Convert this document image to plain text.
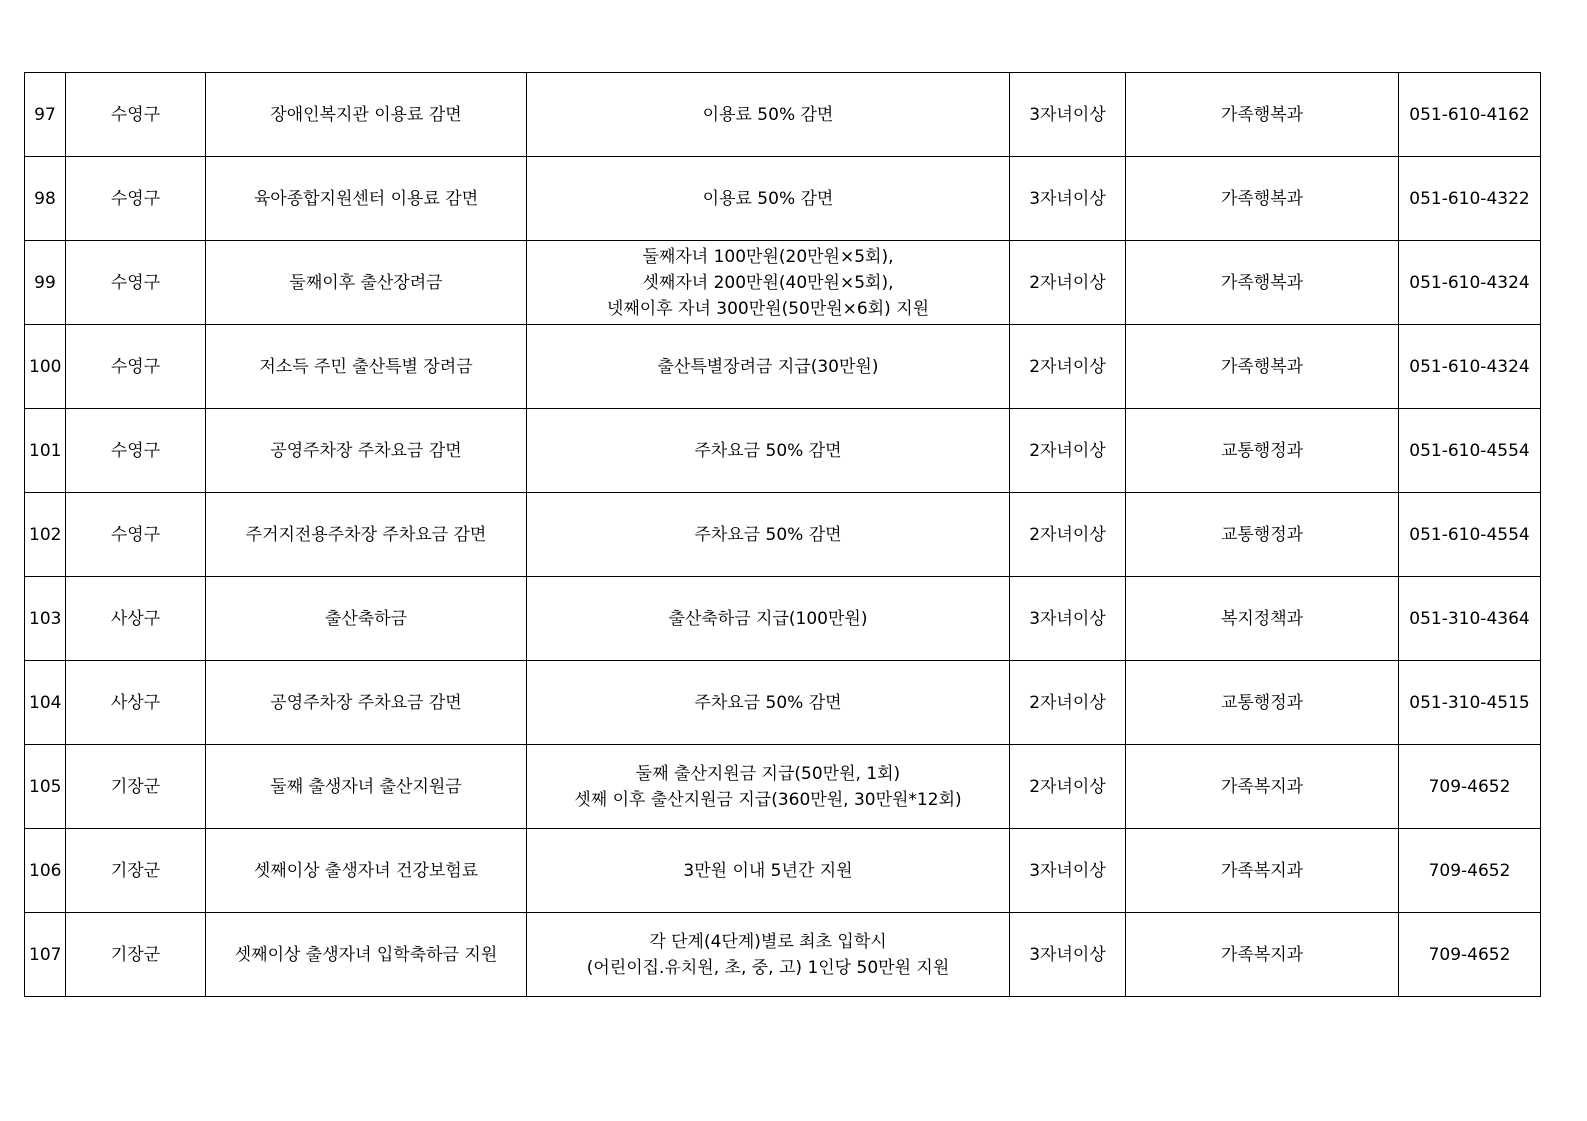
97	수영구	장애인복지관 이용료 감면	이용료 50% 감면	3자녀이상	가족행복과	051-610-4162
98	수영구	육아종합지원센터 이용료 감면	이용료 50% 감면	3자녀이상	가족행복과	051-610-4322
99	수영구	둘째이후 출산장려금	둘째자녀 100만원(20만원×5회),
셋째자녀 200만원(40만원×5회),
넷째이후 자녀 300만원(50만원×6회) 지원	2자녀이상	가족행복과	051-610-4324
100	수영구	저소득 주민 출산특별 장려금	출산특별장려금 지급(30만원)	2자녀이상	가족행복과	051-610-4324
101	수영구	공영주차장 주차요금 감면	주차요금 50% 감면	2자녀이상	교통행정과	051-610-4554
102	수영구	주거지전용주차장 주차요금 감면	주차요금 50% 감면	2자녀이상	교통행정과	051-610-4554
103	사상구	출산축하금	출산축하금 지급(100만원)	3자녀이상	복지정책과	051-310-4364
104	사상구	공영주차장 주차요금 감면	주차요금 50% 감면	2자녀이상	교통행정과	051-310-4515
105	기장군	둘째 출생자녀 출산지원금	둘째 출산지원금 지급(50만원, 1회)
셋째 이후 출산지원금 지급(360만원, 30만원*12회)	2자녀이상	가족복지과	709-4652
106	기장군	셋째이상 출생자녀 건강보험료	3만원 이내 5년간 지원	3자녀이상	가족복지과	709-4652
107	기장군	셋째이상 출생자녀 입학축하금 지원	각 단계(4단계)별로 최초 입학시
(어린이집.유치원, 초, 중, 고) 1인당 50만원 지원	3자녀이상	가족복지과	709-4652
